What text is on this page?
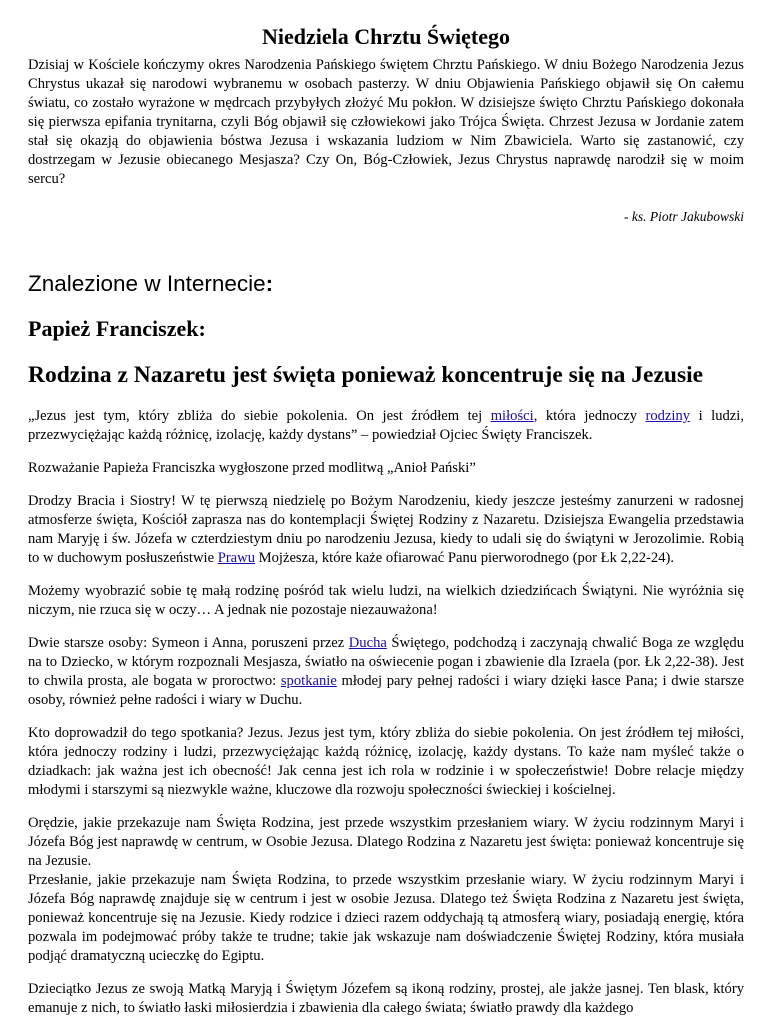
Niedziela Chrztu Świętego

Dzisiaj w Kościele kończymy okres Narodzenia Pańskiego świętem Chrztu Pańskiego. W dniu Bożego Narodzenia Jezus Chrystus ukazał się narodowi wybranemu w osobach pasterzy. W dniu Objawienia Pańskiego objawił się On całemu światu, co zostało wyrażone w mędrcach przybyłych złożyć Mu pokłon. W dzisiejsze święto Chrztu Pańskiego dokonała się pierwsza epifania trynitarna, czyli Bóg objawił się człowiekowi jako Trójca Święta. Chrzest Jezusa w Jordanie zatem stał się okazją do objawienia bóstwa Jezusa i wskazania ludziom w Nim Zbawiciela. Warto się zastanowić, czy dostrzegam w Jezusie obiecanego Mesjasza? Czy On, Bóg-Człowiek, Jezus Chrystus naprawdę narodził się w moim sercu?

- ks. Piotr Jakubowski

Znalezione w Internecie:
Papież Franciszek:
Rodzina z Nazaretu jest święta ponieważ koncentruje się na Jezusie

„Jezus jest tym, który zbliża do siebie pokolenia. On jest źródłem tej miłości, która jednoczy rodziny i ludzi, przezwyciężając każdą różnicę, izolację, każdy dystans” – powiedział Ojciec Święty Franciszek.

Rozważanie Papieża Franciszka wygłoszone przed modlitwą „Anioł Pański”

Drodzy Bracia i Siostry! W tę pierwszą niedzielę po Bożym Narodzeniu, kiedy jeszcze jesteśmy zanurzeni w radosnej atmosferze święta, Kościół zaprasza nas do kontemplacji Świętej Rodziny z Nazaretu. Dzisiejsza Ewangelia przedstawia nam Maryję i św. Józefa w czterdziestym dniu po narodzeniu Jezusa, kiedy to udali się do świątyni w Jerozolimie. Robią to w duchowym posłuszeństwie Prawu Mojżesza, które każe ofiarować Panu pierworodnego (por Łk 2,22-24).

Możemy wyobrazić sobie tę małą rodzinę pośród tak wielu ludzi, na wielkich dziedzińcach Świątyni. Nie wyróżnia się niczym, nie rzuca się w oczy… A jednak nie pozostaje niezauważona!

Dwie starsze osoby: Symeon i Anna, poruszeni przez Ducha Świętego, podchodzą i zaczynają chwalić Boga ze względu na to Dziecko, w którym rozpoznali Mesjasza, światło na oświecenie pogan i zbawienie dla Izraela (por. Łk 2,22-38). Jest to chwila prosta, ale bogata w proroctwo: spotkanie młodej pary pełnej radości i wiary dzięki łasce Pana; i dwie starsze osoby, również pełne radości i wiary w Duchu.

Kto doprowadził do tego spotkania? Jezus. Jezus jest tym, który zbliża do siebie pokolenia. On jest źródłem tej miłości, która jednoczy rodziny i ludzi, przezwyciężając każdą różnicę, izolację, każdy dystans. To każe nam myśleć także o dziadkach: jak ważna jest ich obecność! Jak cenna jest ich rola w rodzinie i w społeczeństwie! Dobre relacje między młodymi i starszymi są niezwykle ważne, kluczowe dla rozwoju społeczności świeckiej i kościelnej.

Orędzie, jakie przekazuje nam Święta Rodzina, jest przede wszystkim przesłaniem wiary. W życiu rodzinnym Maryi i Józefa Bóg jest naprawdę w centrum, w Osobie Jezusa. Dlatego Rodzina z Nazaretu jest święta: ponieważ koncentruje się na Jezusie.

Przesłanie, jakie przekazuje nam Święta Rodzina, to przede wszystkim przesłanie wiary. W życiu rodzinnym Maryi i Józefa Bóg naprawdę znajduje się w centrum i jest w osobie Jezusa. Dlatego też Święta Rodzina z Nazaretu jest święta, ponieważ koncentruje się na Jezusie. Kiedy rodzice i dzieci razem oddychają tą atmosferą wiary, posiadają energię, która pozwala im podejmować próby także te trudne; takie jak wskazuje nam doświadczenie Świętej Rodziny, która musiała podjąć dramatyczną ucieczkę do Egiptu.

Dzieciątko Jezus ze swoją Matką Maryją i Świętym Józefem są ikoną rodziny, prostej, ale jakże jasnej. Ten blask, który emanuje z nich, to światło łaski miłosierdzia i zbawienia dla całego świata; światło prawdy dla każdego
